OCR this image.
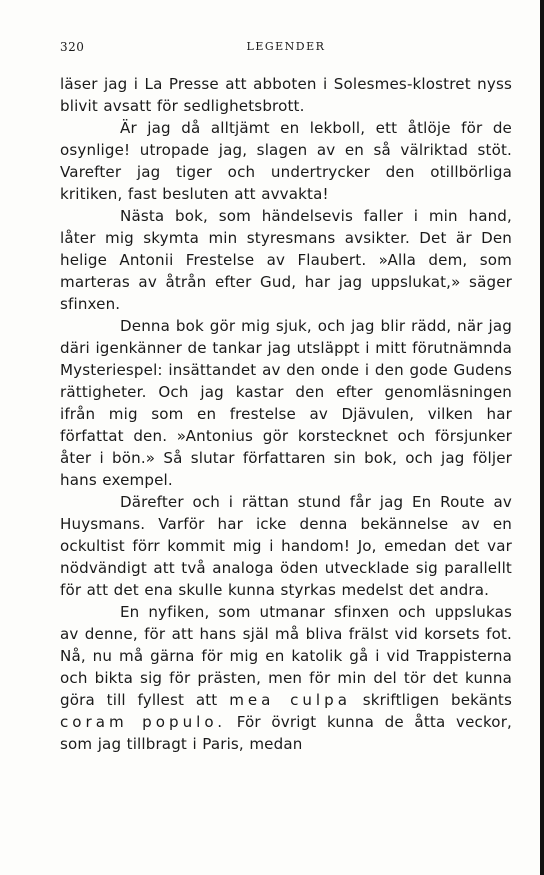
320	LEGENDER

läser jag i La Presse att abboten i Solesmes-klostret nyss blivit avsatt för sedlighetsbrott.

Är jag då alltjämt en lekboll, ett åtlöje för de osynlige! utropade jag, slagen av en så välriktad stöt. Varefter jag tiger och undertrycker den otillbörliga kritiken, fast besluten att avvakta!

Nästa bok, som händelsevis faller i min hand, låter mig skymta min styresmans avsikter. Det är Den helige Antonii Frestelse av Flaubert. »Alla dem, som marteras av åtrån efter Gud, har jag uppslukat,» säger sfinxen.

Denna bok gör mig sjuk, och jag blir rädd, när jag däri igenkänner de tankar jag utsläppt i mitt förutnämnda Mysteriespel: insättandet av den onde i den gode Gudens rättigheter. Och jag kastar den efter genomläsningen ifrån mig som en frestelse av Djävulen, vilken har författat den. »Antonius gör korstecknet och försjunker åter i bön.» Så slutar författaren sin bok, och jag följer hans exempel.

Därefter och i rättan stund får jag En Route av Huysmans. Varför har icke denna bekännelse av en ockultist förr kommit mig i handom! Jo, emedan det var nödvändigt att två analoga öden utvecklade sig parallellt för att det ena skulle kunna styrkas medelst det andra.

En nyfiken, som utmanar sfinxen och uppslukas av denne, för att hans själ må bliva frälst vid korsets fot. Nå, nu må gärna för mig en katolik gå i vid Trappisterna och bikta sig för prästen, men för min del tör det kunna göra till fyllest att mea culpa skriftligen bekänts coram populo. För övrigt kunna de åtta veckor, som jag tillbragt i Paris, medan
